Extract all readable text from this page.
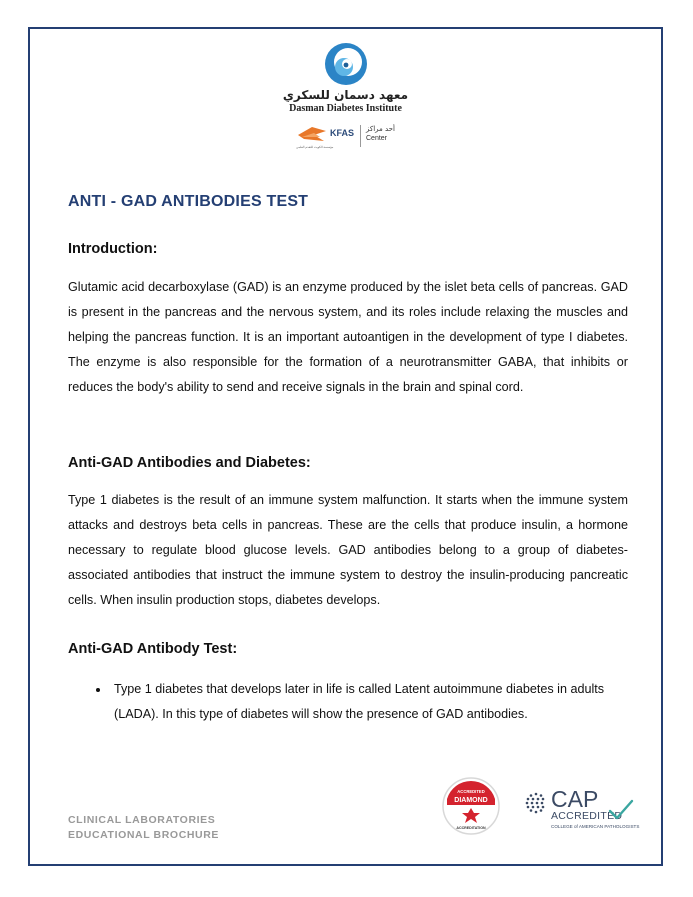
معهد دسمان للسكري
Dasman Diabetes Institute
KFAS
مؤسسة الكويت للتقدم العلمي
أحد مراكز
Center
ANTI - GAD ANTIBODIES TEST
Introduction:

Glutamic acid decarboxylase (GAD) is an enzyme produced by the islet beta cells of pancreas. GAD is present in the pancreas and the nervous system, and its roles include relaxing the muscles and helping the pancreas function. It is an important autoantigen in the development of type I diabetes. The enzyme is also responsible for the formation of a neurotransmitter GABA, that inhibits or reduces the body's ability to send and receive signals in the brain and spinal cord.

Anti-GAD Antibodies and Diabetes:

Type 1 diabetes is the result of an immune system malfunction. It starts when the immune system attacks and destroys beta cells in pancreas. These are the cells that produce insulin, a hormone necessary to regulate blood glucose levels. GAD antibodies belong to a group of diabetes-associated antibodies that instruct the immune system to destroy the insulin-producing pancreatic cells. When insulin production stops, diabetes develops.

Anti-GAD Antibody Test:
• Type 1 diabetes that develops later in life is called Latent autoimmune diabetes in adults (LADA). In this type of diabetes will show the presence of GAD antibodies.
CLINICAL LABORATORIES
EDUCATIONAL BROCHURE
ACCREDITED
DIAMOND
ACCREDITATION
CAP
ACCREDITED
COLLEGE of AMERICAN PATHOLOGISTS
